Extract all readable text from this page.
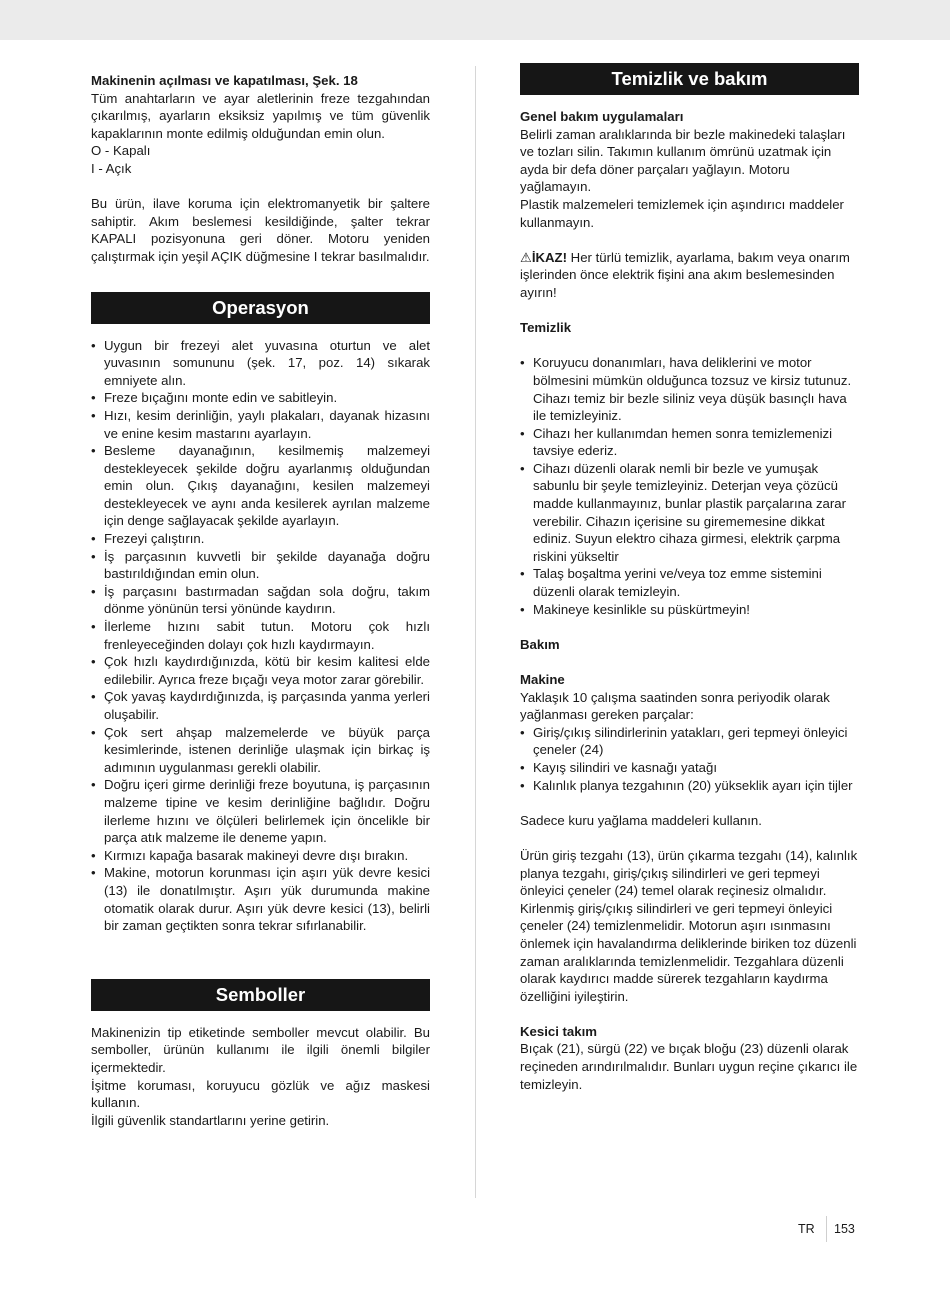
Makinenin açılması ve kapatılması, Şek. 18

Tüm anahtarların ve ayar aletlerinin freze tezgahından çıkarılmış, ayarların eksiksiz yapılmış ve tüm güvenlik kapaklarının monte edilmiş olduğundan emin olun.

O - Kapalı

I - Açık

Bu ürün, ilave koruma için elektromanyetik bir şaltere sahiptir. Akım beslemesi kesildiğinde, şalter tekrar KAPALI pozisyonuna geri döner. Motoru yeniden çalıştırmak için yeşil AÇIK düğmesine I tekrar basılmalıdır.

Operasyon
• Uygun bir frezeyi alet yuvasına oturtun ve alet yuvasının somununu (şek. 17, poz. 14) sıkarak emniyete alın.
• Freze bıçağını monte edin ve sabitleyin.
• Hızı, kesim derinliğin, yaylı plakaları, dayanak hizasını ve enine kesim mastarını ayarlayın.
• Besleme dayanağının, kesilmemiş malzemeyi destekleyecek şekilde doğru ayarlanmış olduğundan emin olun. Çıkış dayanağını, kesilen malzemeyi destekleyecek ve aynı anda kesilerek ayrılan malzeme için denge sağlayacak şekilde ayarlayın.
• Frezeyi çalıştırın.
• İş parçasının kuvvetli bir şekilde dayanağa doğru bastırıldığından emin olun.
• İş parçasını bastırmadan sağdan sola doğru, takım dönme yönünün tersi yönünde kaydırın.
• İlerleme hızını sabit tutun. Motoru çok hızlı frenleyeceğinden dolayı çok hızlı kaydırmayın.
• Çok hızlı kaydırdığınızda, kötü bir kesim kalitesi elde edilebilir. Ayrıca freze bıçağı veya motor zarar görebilir.
• Çok yavaş kaydırdığınızda, iş parçasında yanma yerleri oluşabilir.
• Çok sert ahşap malzemelerde ve büyük parça kesimlerinde, istenen derinliğe ulaşmak için birkaç iş adımının uygulanması gerekli olabilir.
• Doğru içeri girme derinliği freze boyutuna, iş parçasının malzeme tipine ve kesim derinliğine bağlıdır. Doğru ilerleme hızını ve ölçüleri belirlemek için öncelikle bir parça atık malzeme ile deneme yapın.
• Kırmızı kapağa basarak makineyi devre dışı bırakın.
• Makine, motorun korunması için aşırı yük devre kesici (13) ile donatılmıştır. Aşırı yük durumunda makine otomatik olarak durur. Aşırı yük devre kesici (13), belirli bir zaman geçtikten sonra tekrar sıfırlanabilir.
Semboller

Makinenizin tip etiketinde semboller mevcut olabilir. Bu semboller, ürünün kullanımı ile ilgili önemli bilgiler içermektedir.

İşitme koruması, koruyucu gözlük ve ağız maskesi kullanın.

İlgili güvenlik standartlarını yerine getirin.

Temizlik ve bakım

Genel bakım uygulamaları

Belirli zaman aralıklarında bir bezle makinedeki talaşları ve tozları silin. Takımın kullanım ömrünü uzatmak için ayda bir defa döner parçaları yağlayın. Motoru yağlamayın.

Plastik malzemeleri temizlemek için aşındırıcı maddeler kullanmayın.

⚠İKAZ! Her türlü temizlik, ayarlama, bakım veya onarım işlerinden önce elektrik fişini ana akım beslemesinden ayırın!

Temizlik

• Koruyucu donanımları, hava deliklerini ve motor bölmesini mümkün olduğunca tozsuz ve kirsiz tutunuz. Cihazı temiz bir bezle siliniz veya düşük basınçlı hava ile temizleyiniz.
• Cihazı her kullanımdan hemen sonra temizlemenizi tavsiye ederiz.
• Cihazı düzenli olarak nemli bir bezle ve yumuşak sabunlu bir şeyle temizleyiniz. Deterjan veya çözücü madde kullanmayınız, bunlar plastik parçalarına zarar verebilir. Cihazın içerisine su girememesine dikkat ediniz. Suyun elektro cihaza girmesi, elektrik çarpma riskini yükseltir
• Talaş boşaltma yerini ve/veya toz emme sistemini düzenli olarak temizleyin.
• Makineye kesinlikle su püskürtmeyin!

Bakım

Makine

Yaklaşık 10 çalışma saatinden sonra periyodik olarak yağlanması gereken parçalar:

• Giriş/çıkış silindirlerinin yatakları, geri tepmeyi önleyici çeneler (24)
• Kayış silindiri ve kasnağı yatağı
• Kalınlık planya tezgahının (20) yükseklik ayarı için tijler

Sadece kuru yağlama maddeleri kullanın.

Ürün giriş tezgahı (13), ürün çıkarma tezgahı (14), kalınlık planya tezgahı, giriş/çıkış silindirleri ve geri tepmeyi önleyici çeneler (24) temel olarak reçinesiz olmalıdır. Kirlenmiş giriş/çıkış silindirleri ve geri tepmeyi önleyici çeneler (24) temizlenmelidir. Motorun aşırı ısınmasını önlemek için havalandırma deliklerinde biriken toz düzenli zaman aralıklarında temizlenmelidir. Tezgahlara düzenli olarak kaydırıcı madde sürerek tezgahların kaydırma özelliğini iyileştirin.

Kesici takım

Bıçak (21), sürgü (22) ve bıçak bloğu (23) düzenli olarak reçineden arındırılmalıdır. Bunları uygun reçine çıkarıcı ile temizleyin.

TR 153
